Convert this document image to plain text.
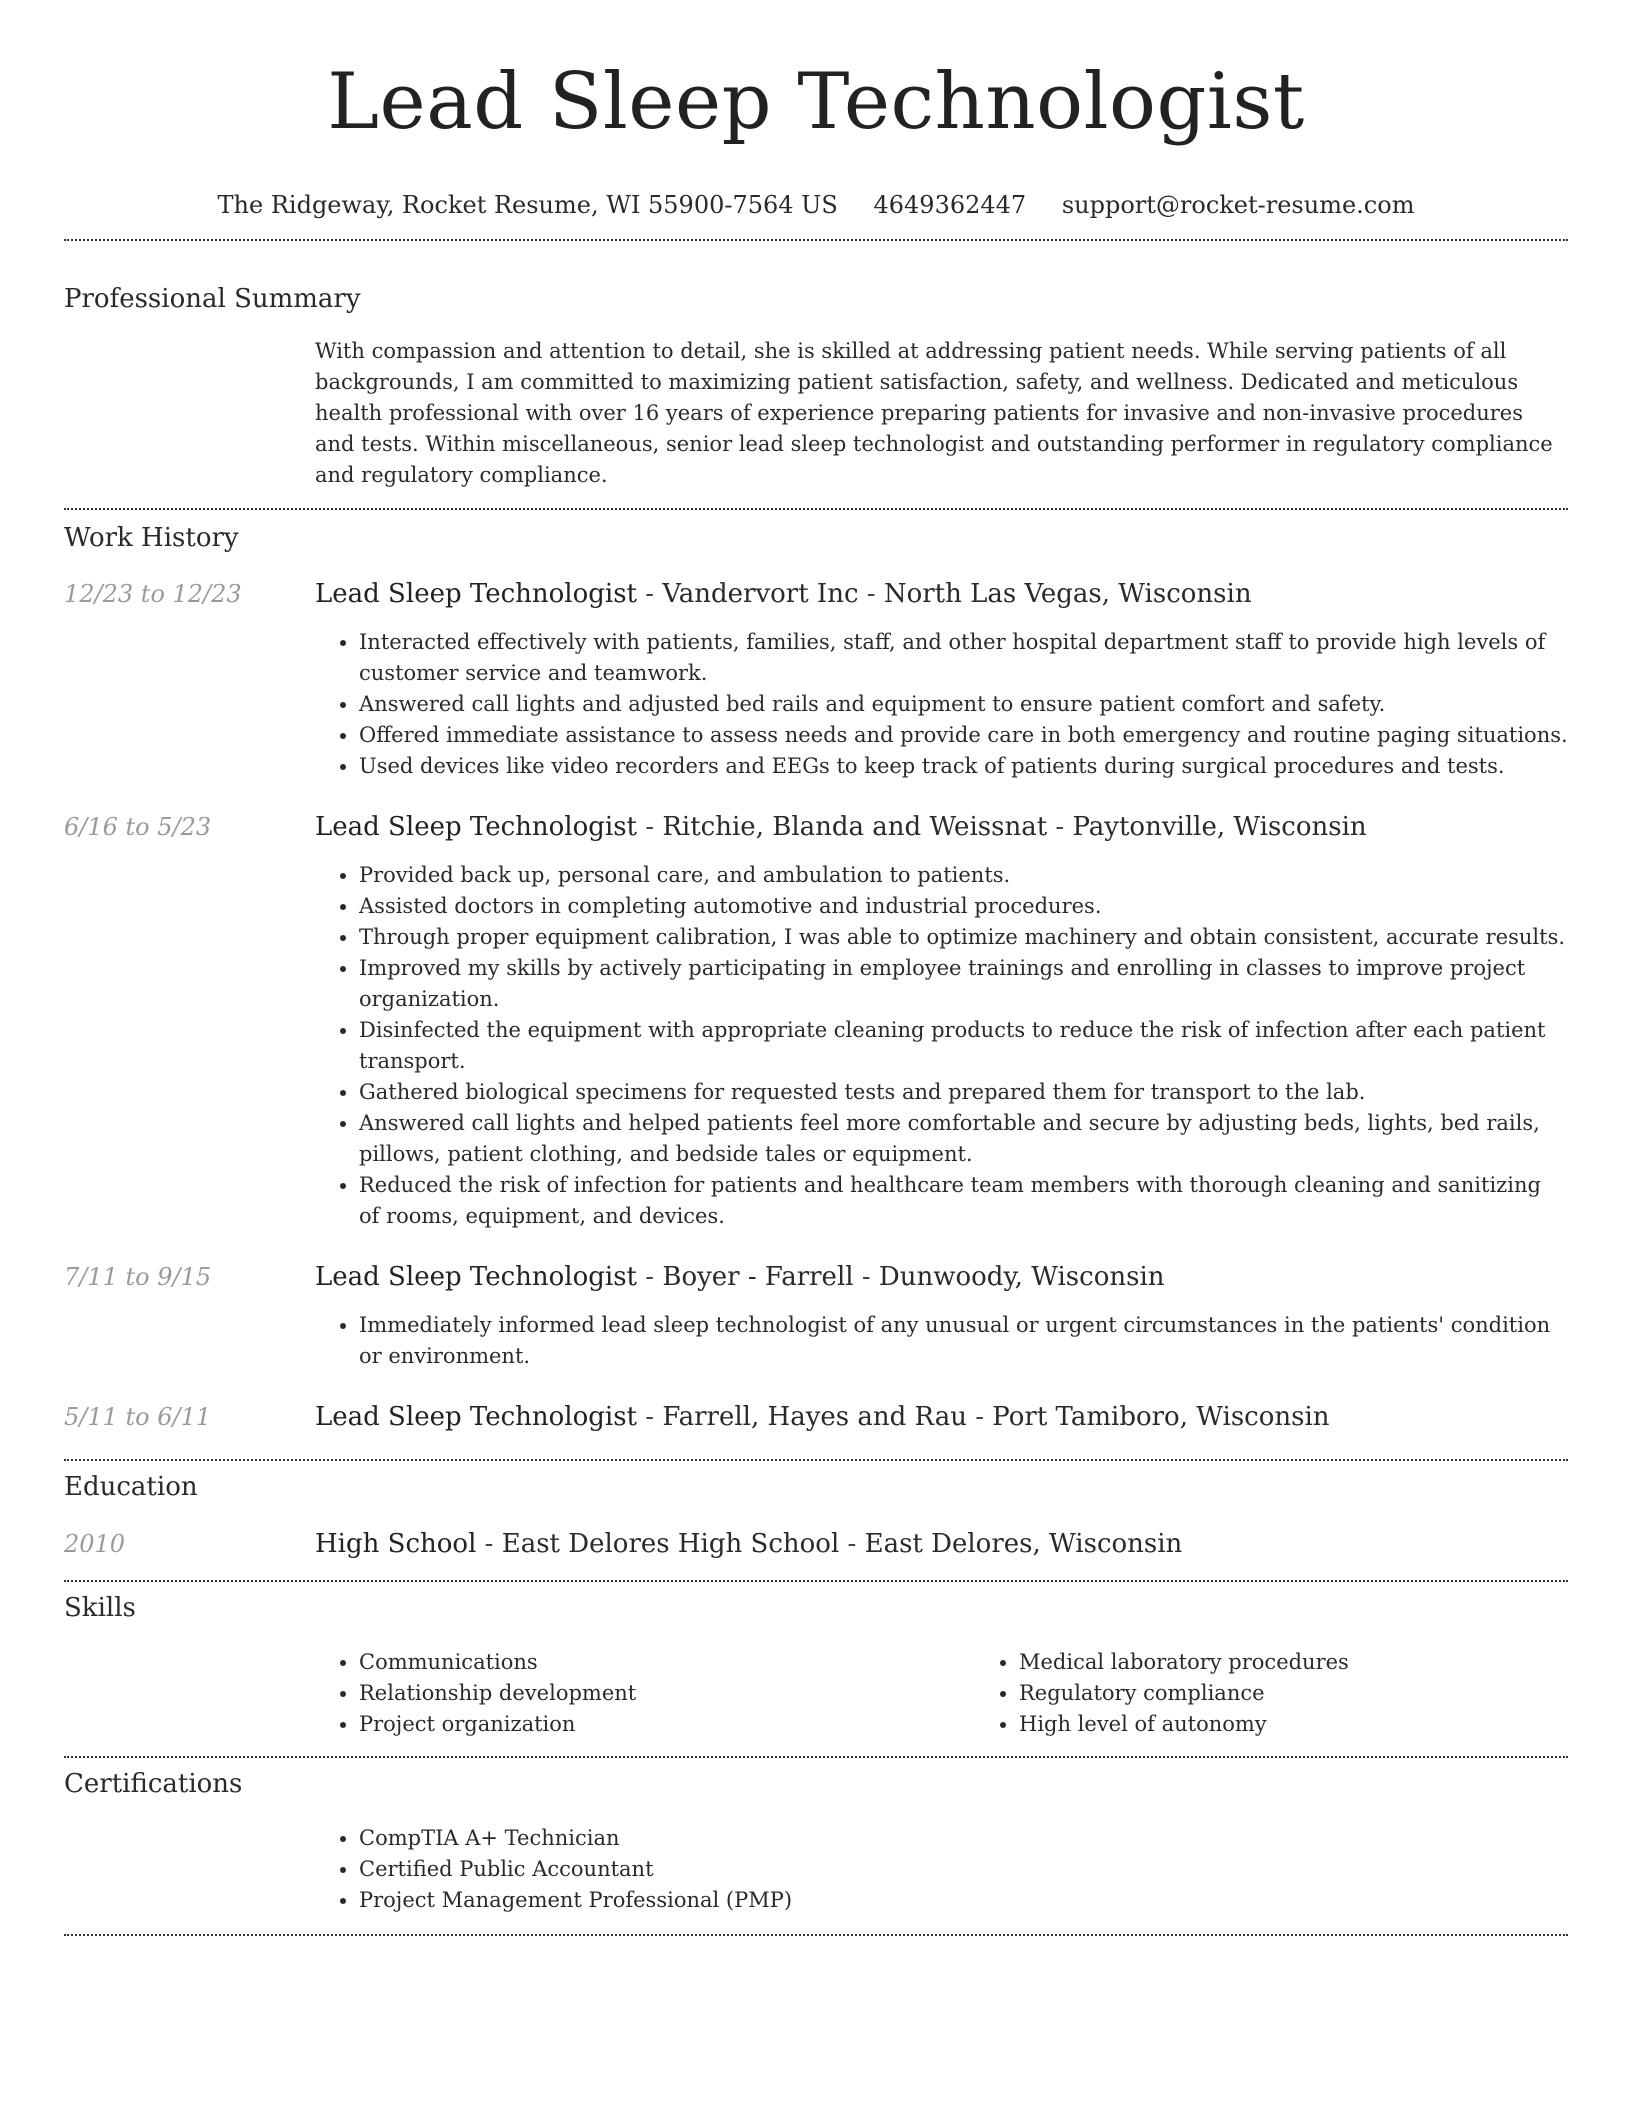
Lead Sleep Technologist
The Ridgeway, Rocket Resume, WI 55900-7564 US 4649362447 support@rocket-resume.com
Professional Summary

With compassion and attention to detail, she is skilled at addressing patient needs. While serving patients of all backgrounds, I am committed to maximizing patient satisfaction, safety, and wellness. Dedicated and meticulous health professional with over 16 years of experience preparing patients for invasive and non-invasive procedures and tests. Within miscellaneous, senior lead sleep technologist and outstanding performer in regulatory compliance and regulatory compliance.

Work History
12/23 to 12/23	Lead Sleep Technologist - Vandervort Inc - North Las Vegas, Wisconsin
• Interacted effectively with patients, families, staff, and other hospital department staff to provide high levels of customer service and teamwork.
• Answered call lights and adjusted bed rails and equipment to ensure patient comfort and safety.
• Offered immediate assistance to assess needs and provide care in both emergency and routine paging situations.
• Used devices like video recorders and EEGs to keep track of patients during surgical procedures and tests.
6/16 to 5/23	Lead Sleep Technologist - Ritchie, Blanda and Weissnat - Paytonville, Wisconsin
• Provided back up, personal care, and ambulation to patients.
• Assisted doctors in completing automotive and industrial procedures.
• Through proper equipment calibration, I was able to optimize machinery and obtain consistent, accurate results.
• Improved my skills by actively participating in employee trainings and enrolling in classes to improve project organization.
• Disinfected the equipment with appropriate cleaning products to reduce the risk of infection after each patient transport.
• Gathered biological specimens for requested tests and prepared them for transport to the lab.
• Answered call lights and helped patients feel more comfortable and secure by adjusting beds, lights, bed rails, pillows, patient clothing, and bedside tales or equipment.
• Reduced the risk of infection for patients and healthcare team members with thorough cleaning and sanitizing of rooms, equipment, and devices.
7/11 to 9/15	Lead Sleep Technologist - Boyer - Farrell - Dunwoody, Wisconsin
• Immediately informed lead sleep technologist of any unusual or urgent circumstances in the patients' condition or environment.
5/11 to 6/11	Lead Sleep Technologist - Farrell, Hayes and Rau - Port Tamiboro, Wisconsin
Education
2010	High School - East Delores High School - East Delores, Wisconsin
Skills
• Communications
• Relationship development
• Project organization
• Medical laboratory procedures
• Regulatory compliance
• High level of autonomy
Certifications
• CompTIA A+ Technician
• Certified Public Accountant
• Project Management Professional (PMP)
